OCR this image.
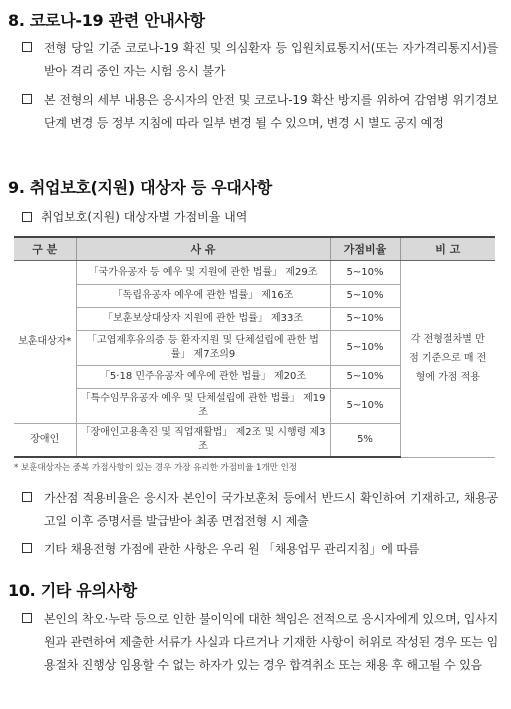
8. 코로나-19 관련 안내사항
전형 당일 기준 코로나-19 확진 및 의심환자 등 입원치료통지서(또는 자가격리통지서)를 받아 격리 중인 자는 시험 응시 불가
본 전형의 세부 내용은 응시자의 안전 및 코로나-19 확산 방지를 위하여 감염병 위기경보 단계 변경 등 정부 지침에 따라 일부 변경 될 수 있으며, 변경 시 별도 공지 예정
9. 취업보호(지원) 대상자 등 우대사항
취업보호(지원) 대상자별 가점비율 내역
구 분	사 유	가점비율	비 고
보훈대상자*	「국가유공자 등 예우 및 지원에 관한 법률」 제29조	5~10%	각 전형절차별 만점 기준으로 매 전형에 가점 적용
	「독립유공자 예우에 관한 법률」 제16조	5~10%	
	「보훈보상대상자 지원에 관한 법률」 제33조	5~10%	
	「고엽제후유의증 등 환자지원 및 단체설립에 관한 법률」 제7조의9	5~10%	
	「5·18 민주유공자 예우에 관한 법률」 제20조	5~10%	
	「특수임무유공자 예우 및 단체설립에 관한 법률」 제19조	5~10%	
장애인	「장애인고용촉진 및 직업재활법」 제2조 및 시행령 제3조	5%	
* 보훈대상자는 중복 가점사항이 있는 경우 가장 유리한 가점비율 1개만 인정
가산점 적용비율은 응시자 본인이 국가보훈처 등에서 반드시 확인하여 기재하고, 채용공고일 이후 증명서를 발급받아 최종 면접전형 시 제출
기타 채용전형 가점에 관한 사항은 우리 원 「채용업무 관리지침」에 따름
10. 기타 유의사항
본인의 착오·누락 등으로 인한 불이익에 대한 책임은 전적으로 응시자에게 있으며, 입사지원과 관련하여 제출한 서류가 사실과 다르거나 기재한 사항이 허위로 작성된 경우 또는 임용절차 진행상 임용할 수 없는 하자가 있는 경우 합격취소 또는 채용 후 해고될 수 있음
